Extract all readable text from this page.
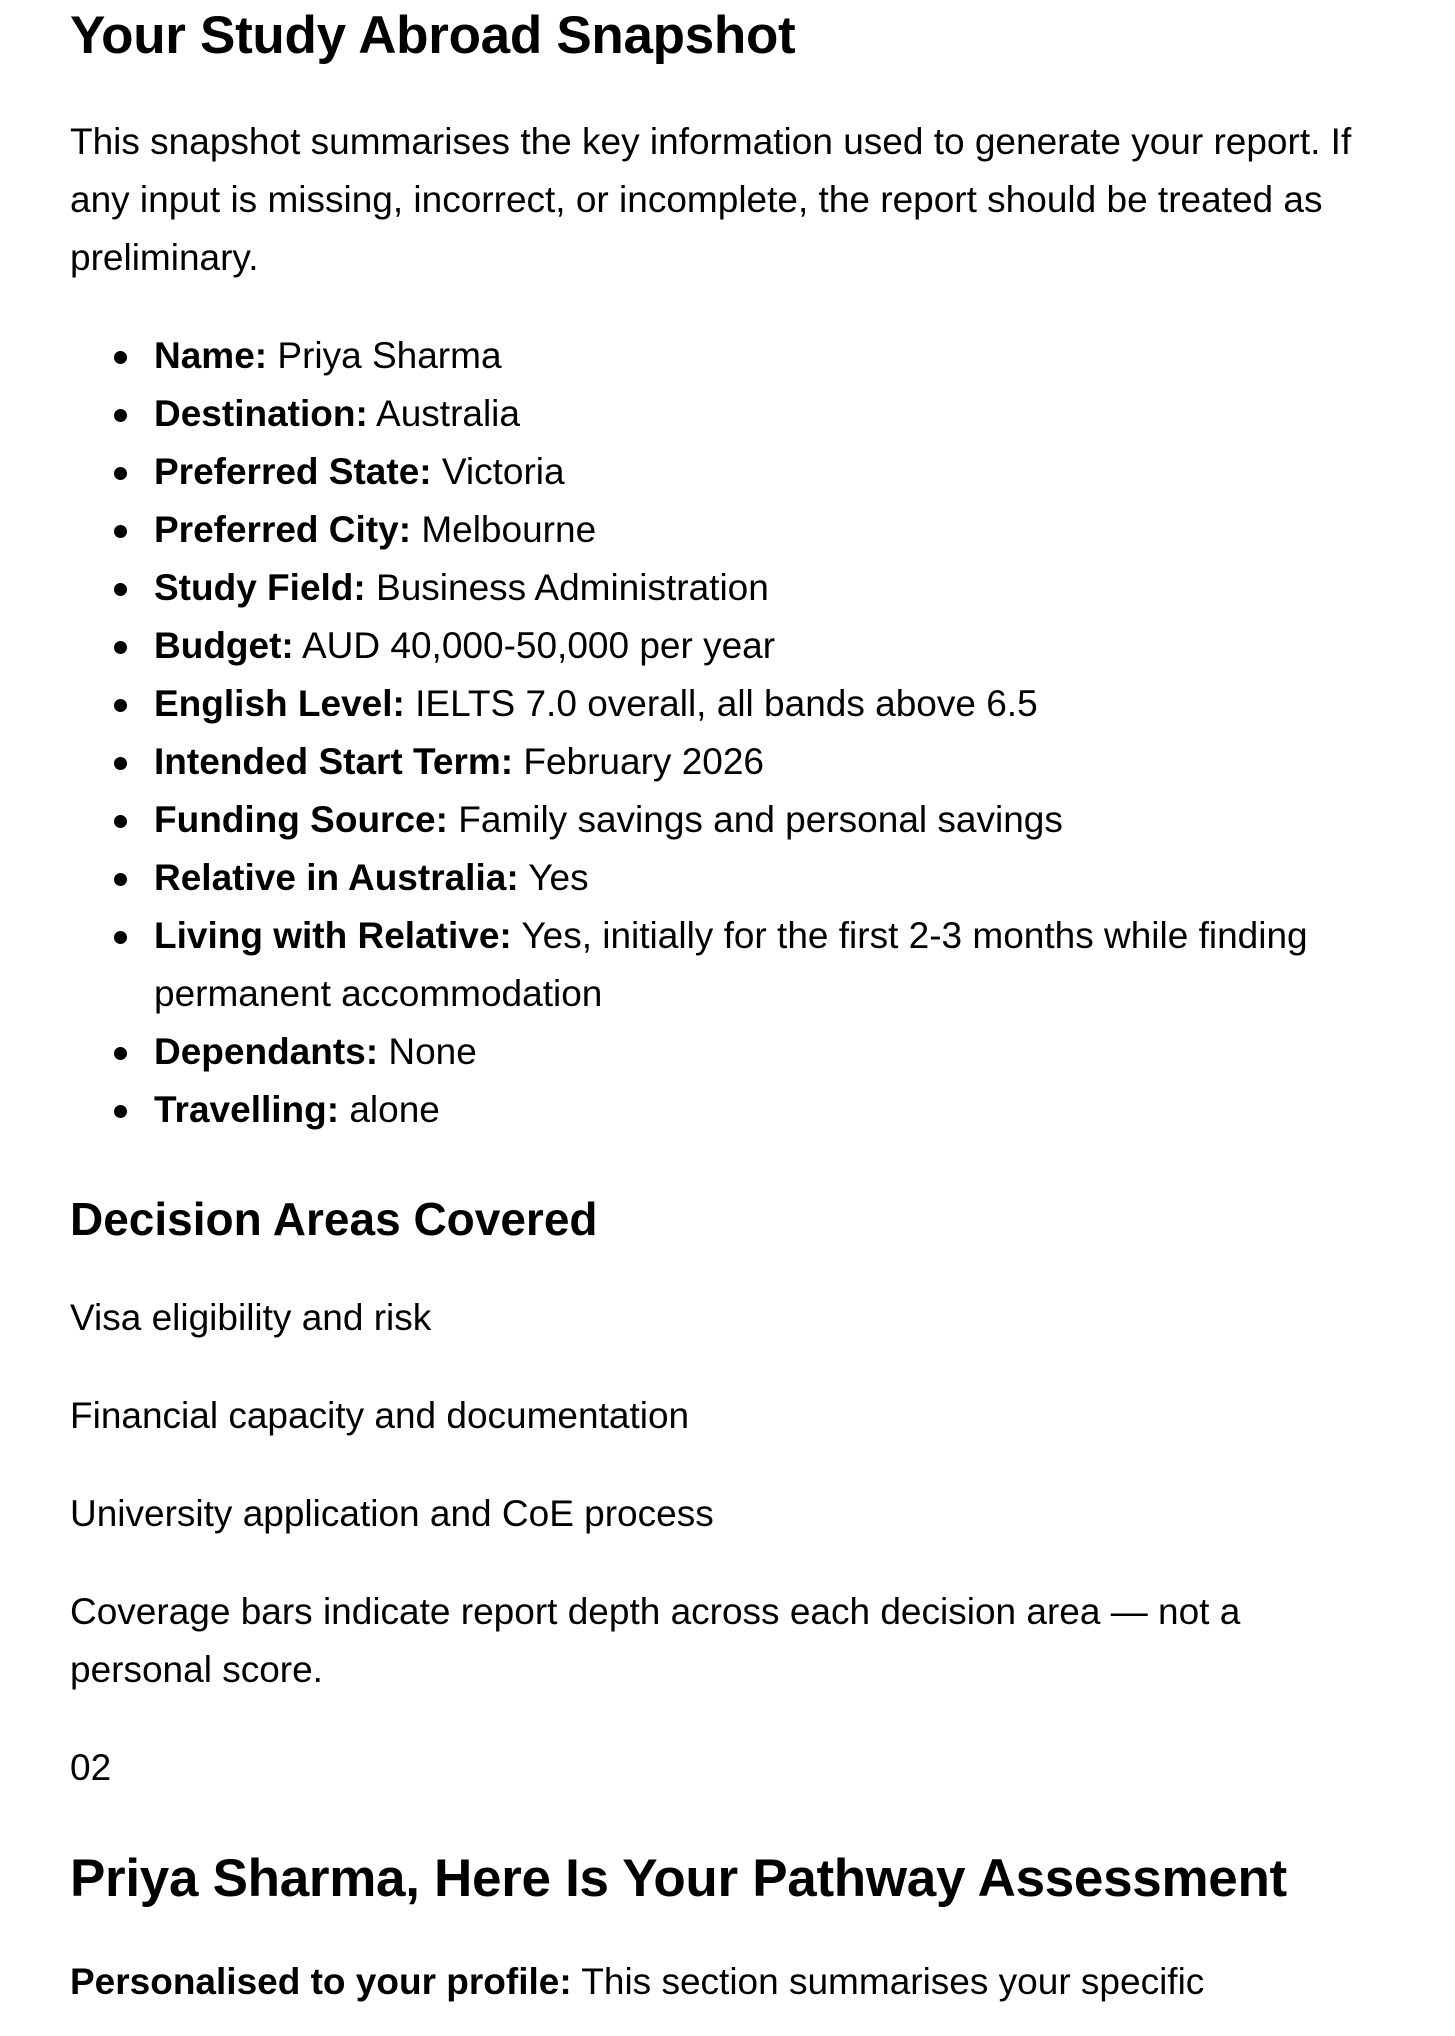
Your Study Abroad Snapshot

This snapshot summarises the key information used to generate your report. If any input is missing, incorrect, or incomplete, the report should be treated as preliminary.

Name: Priya Sharma
Destination: Australia
Preferred State: Victoria
Preferred City: Melbourne
Study Field: Business Administration
Budget: AUD 40,000-50,000 per year
English Level: IELTS 7.0 overall, all bands above 6.5
Intended Start Term: February 2026
Funding Source: Family savings and personal savings
Relative in Australia: Yes
Living with Relative: Yes, initially for the first 2-3 months while finding permanent accommodation
Dependants: None
Travelling: alone
Decision Areas Covered

Visa eligibility and risk

Financial capacity and documentation

University application and CoE process

Coverage bars indicate report depth across each decision area — not a personal score.

02

Priya Sharma, Here Is Your Pathway Assessment

Personalised to your profile: This section summarises your specific
